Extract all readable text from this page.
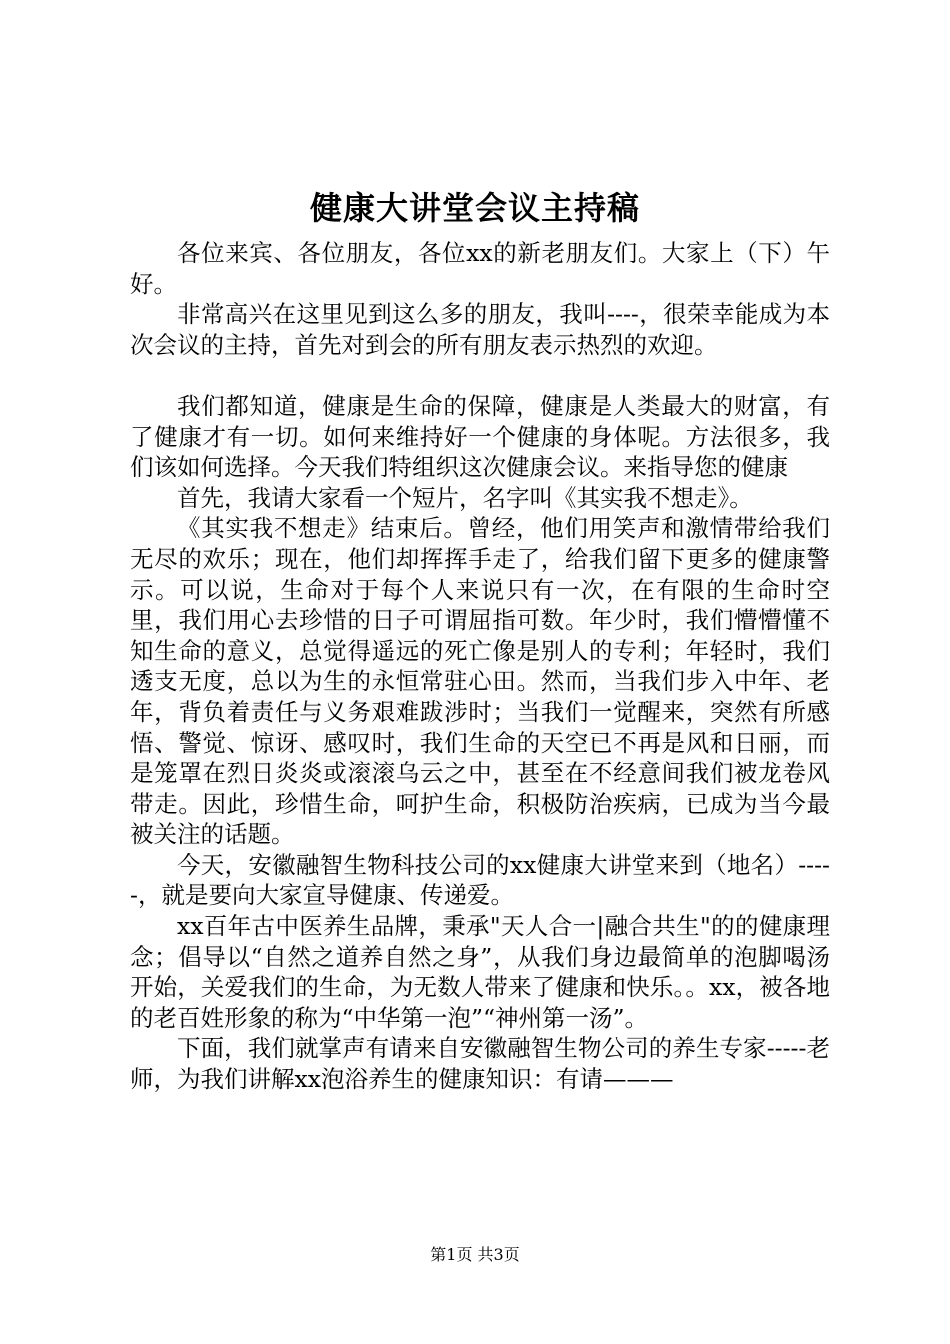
健康大讲堂会议主持稿

各位来宾、各位朋友，各位xx的新老朋友们。大家上（下）午好。

非常高兴在这里见到这么多的朋友，我叫----，很荣幸能成为本次会议的主持，首先对到会的所有朋友表示热烈的欢迎。

我们都知道，健康是生命的保障，健康是人类最大的财富，有了健康才有一切。如何来维持好一个健康的身体呢。方法很多，我们该如何选择。今天我们特组织这次健康会议。来指导您的健康

首先，我请大家看一个短片，名字叫《其实我不想走》。

《其实我不想走》结束后。曾经，他们用笑声和激情带给我们无尽的欢乐；现在，他们却挥挥手走了，给我们留下更多的健康警示。可以说，生命对于每个人来说只有一次，在有限的生命时空里，我们用心去珍惜的日子可谓屈指可数。年少时，我们懵懵懂不知生命的意义，总觉得遥远的死亡像是别人的专利；年轻时，我们透支无度，总以为生的永恒常驻心田。然而，当我们步入中年、老年，背负着责任与义务艰难跋涉时；当我们一觉醒来，突然有所感悟、警觉、惊讶、感叹时，我们生命的天空已不再是风和日丽，而是笼罩在烈日炎炎或滚滚乌云之中，甚至在不经意间我们被龙卷风带走。因此，珍惜生命，呵护生命，积极防治疾病，已成为当今最被关注的话题。

今天，安徽融智生物科技公司的xx健康大讲堂来到（地名）-----，就是要向大家宣导健康、传递爱。

xx百年古中医养生品牌，秉承"天人合一|融合共生"的的健康理念；倡导以“自然之道养自然之身”，从我们身边最简单的泡脚喝汤开始，关爱我们的生命，为无数人带来了健康和快乐。。xx，被各地的老百姓形象的称为“中华第一泡”“神州第一汤”。

下面，我们就掌声有请来自安徽融智生物公司的养生专家-----老师，为我们讲解xx泡浴养生的健康知识：有请———

第1页 共3页
